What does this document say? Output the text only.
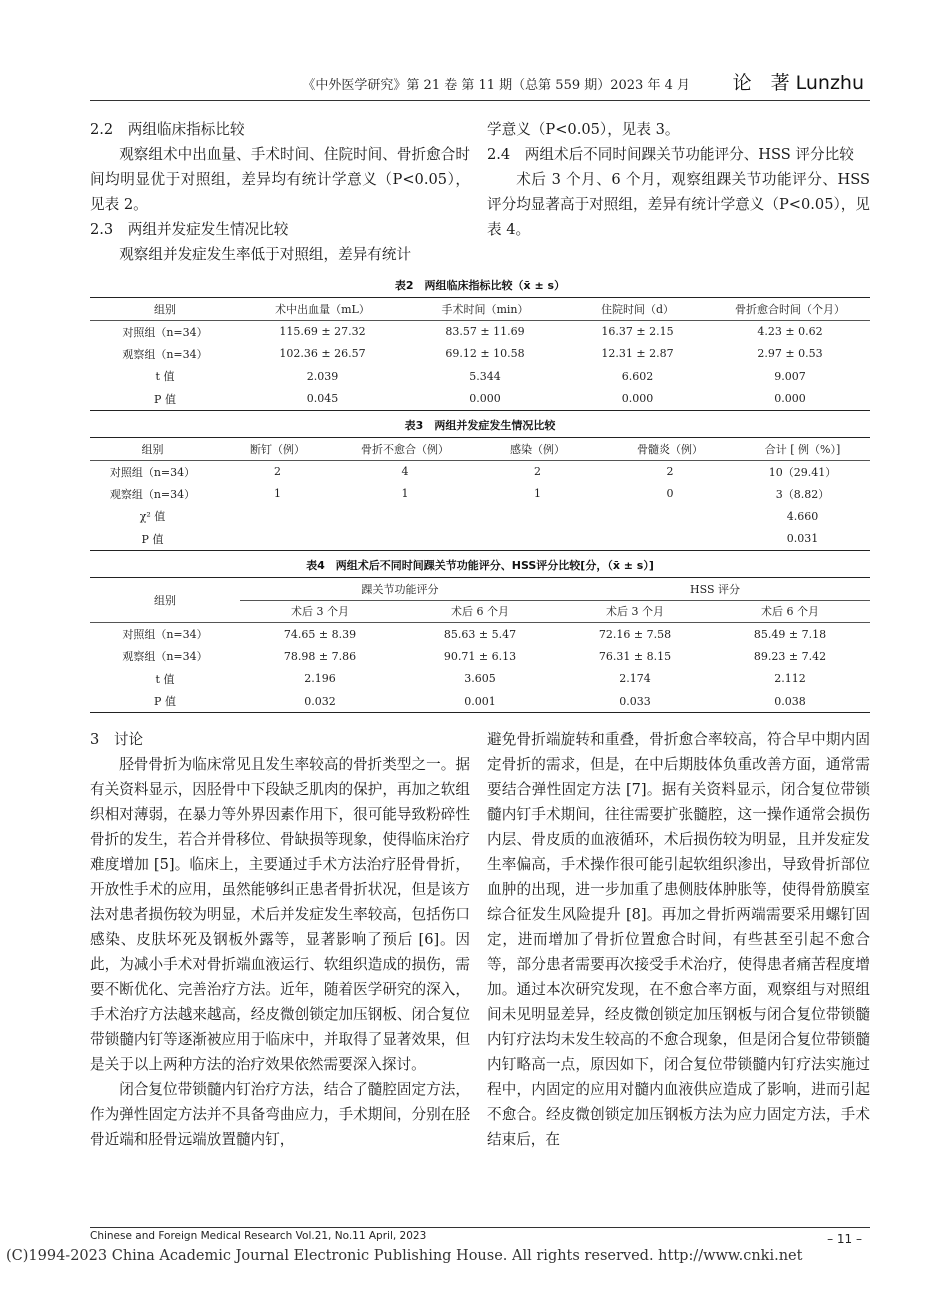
《中外医学研究》第 21 卷 第 11 期（总第 559 期）2023 年 4 月 论　著 Lunzhu
2.2　两组临床指标比较

观察组术中出血量、手术时间、住院时间、骨折愈合时间均明显优于对照组，差异均有统计学意义（P<0.05），见表 2。

2.3　两组并发症发生情况比较

观察组并发症发生率低于对照组，差异有统计

学意义（P<0.05），见表 3。

2.4　两组术后不同时间踝关节功能评分、HSS 评分比较

术后 3 个月、6 个月，观察组踝关节功能评分、HSS 评分均显著高于对照组，差异有统计学意义（P<0.05），见表 4。

表2　两组临床指标比较（x̄ ± s）
组别	术中出血量（mL）	手术时间（min）	住院时间（d）	骨折愈合时间（个月）
对照组（n=34）	115.69 ± 27.32	83.57 ± 11.69	16.37 ± 2.15	4.23 ± 0.62
观察组（n=34）	102.36 ± 26.57	69.12 ± 10.58	12.31 ± 2.87	2.97 ± 0.53
t 值	2.039	5.344	6.602	9.007
P 值	0.045	0.000	0.000	0.000
表3　两组并发症发生情况比较
组别	断钉（例）	骨折不愈合（例）	感染（例）	骨髓炎（例）	合计 [ 例（%）]
对照组（n=34）	2	4	2	2	10（29.41）
观察组（n=34）	1	1	1	0	3（8.82）
χ² 值					4.660
P 值					0.031
表4　两组术后不同时间踝关节功能评分、HSS评分比较[分，（x̄ ± s）]
组别	踝关节功能评分		HSS 评分	
	术后 3 个月	术后 6 个月	术后 3 个月	术后 6 个月
对照组（n=34）	74.65 ± 8.39	85.63 ± 5.47	72.16 ± 7.58	85.49 ± 7.18
观察组（n=34）	78.98 ± 7.86	90.71 ± 6.13	76.31 ± 8.15	89.23 ± 7.42
t 值	2.196	3.605	2.174	2.112
P 值	0.032	0.001	0.033	0.038
3　讨论

胫骨骨折为临床常见且发生率较高的骨折类型之一。据有关资料显示，因胫骨中下段缺乏肌肉的保护，再加之软组织相对薄弱，在暴力等外界因素作用下，很可能导致粉碎性骨折的发生，若合并骨移位、骨缺损等现象，使得临床治疗难度增加 [5]。临床上，主要通过手术方法治疗胫骨骨折，开放性手术的应用，虽然能够纠正患者骨折状况，但是该方法对患者损伤较为明显，术后并发症发生率较高，包括伤口感染、皮肤坏死及钢板外露等，显著影响了预后 [6]。因此，为减小手术对骨折端血液运行、软组织造成的损伤，需要不断优化、完善治疗方法。近年，随着医学研究的深入，手术治疗方法越来越高，经皮微创锁定加压钢板、闭合复位带锁髓内钉等逐渐被应用于临床中，并取得了显著效果，但是关于以上两种方法的治疗效果依然需要深入探讨。

闭合复位带锁髓内钉治疗方法，结合了髓腔固定方法，作为弹性固定方法并不具备弯曲应力，手术期间，分别在胫骨近端和胫骨远端放置髓内钉，

避免骨折端旋转和重叠，骨折愈合率较高，符合早中期内固定骨折的需求，但是，在中后期肢体负重改善方面，通常需要结合弹性固定方法 [7]。据有关资料显示，闭合复位带锁髓内钉手术期间，往往需要扩张髓腔，这一操作通常会损伤内层、骨皮质的血液循环，术后损伤较为明显，且并发症发生率偏高，手术操作很可能引起软组织渗出，导致骨折部位血肿的出现，进一步加重了患侧肢体肿胀等，使得骨筋膜室综合征发生风险提升 [8]。再加之骨折两端需要采用螺钉固定，进而增加了骨折位置愈合时间，有些甚至引起不愈合等，部分患者需要再次接受手术治疗，使得患者痛苦程度增加。通过本次研究发现，在不愈合率方面，观察组与对照组间未见明显差异，经皮微创锁定加压钢板与闭合复位带锁髓内钉疗法均未发生较高的不愈合现象，但是闭合复位带锁髓内钉略高一点，原因如下，闭合复位带锁髓内钉疗法实施过程中，内固定的应用对髓内血液供应造成了影响，进而引起不愈合。经皮微创锁定加压钢板方法为应力固定方法，手术结束后，在

Chinese and Foreign Medical Research Vol.21, No.11 April, 2023	– 11 –
(C)1994-2023 China Academic Journal Electronic Publishing House. All rights reserved. http://www.cnki.net
